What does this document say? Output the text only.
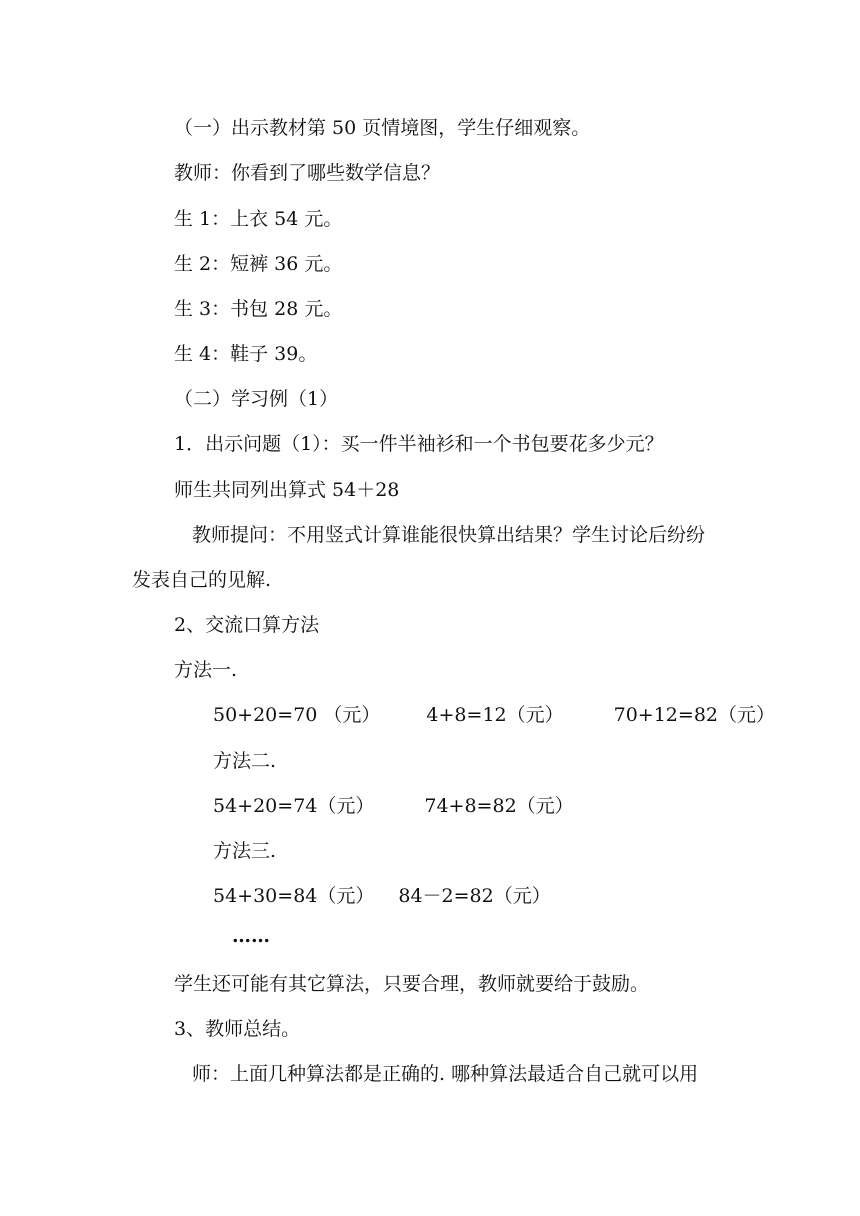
（一）出示教材第 50 页情境图，学生仔细观察。
教师：你看到了哪些数学信息？
生 1：上衣 54 元。
生 2：短裤 36 元。
生 3：书包 28 元。
生 4：鞋子 39。
（二）学习例（1）
1．出示问题（1）：买一件半袖衫和一个书包要花多少元？
师生共同列出算式 54＋28
教师提问：不用竖式计算谁能很快算出结果？学生讨论后纷纷
发表自己的见解.
2、交流口算方法
方法一.
50+20=70 （元） 4+8=12（元）	70+12=82（元）
方法二.
54+20=74（元）	74+8=82（元）
方法三.
54+30=84（元） 84－2=82（元）
……
学生还可能有其它算法，只要合理，教师就要给于鼓励。
3、教师总结。
师：上面几种算法都是正确的. 哪种算法最适合自己就可以用
